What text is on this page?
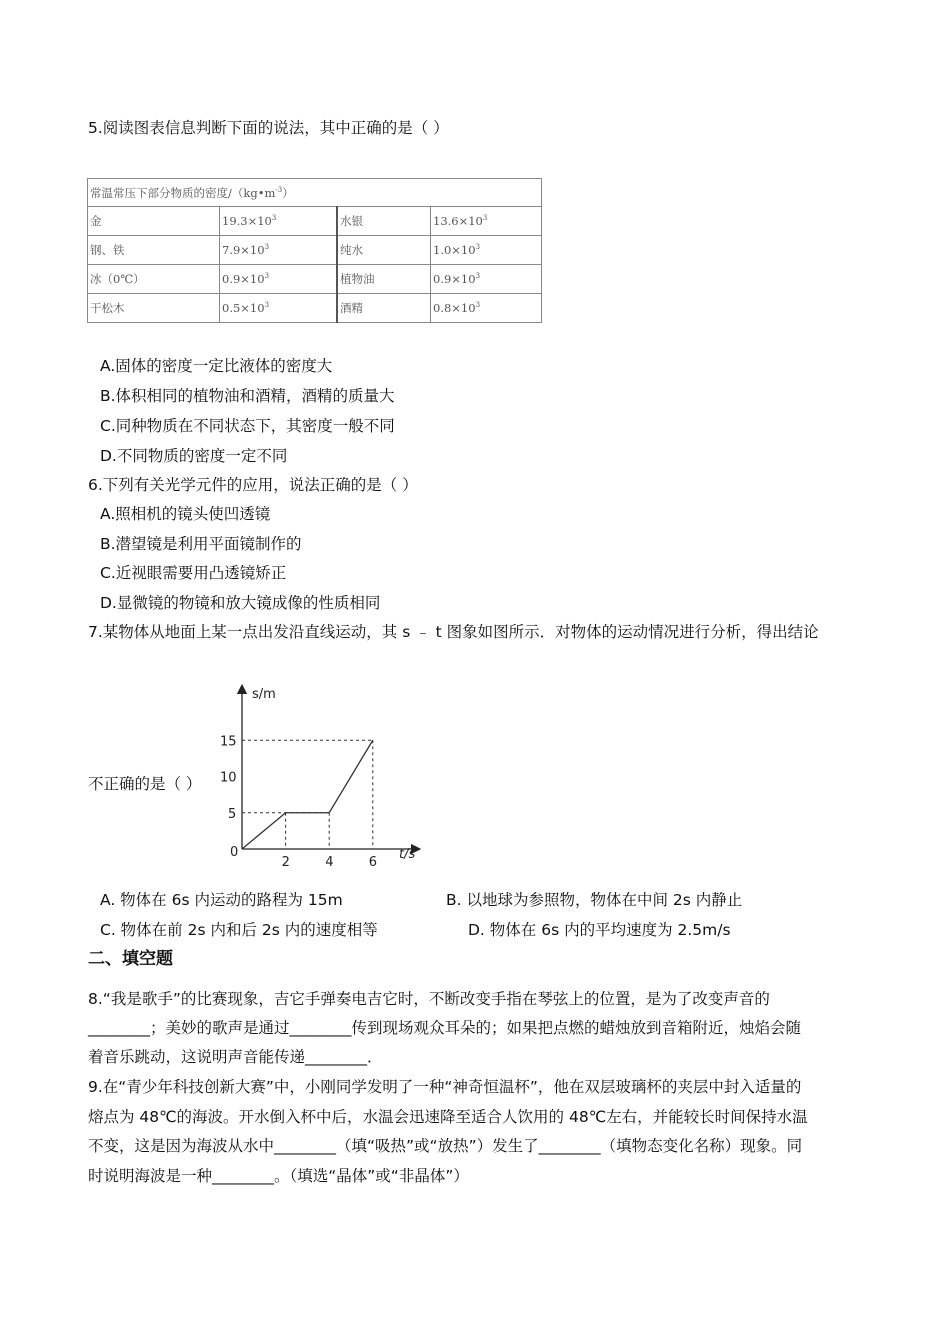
5.阅读图表信息判断下面的说法，其中正确的是（ ）
常温常压下部分物质的密度$/(kg•m^{-3})$			
金	$19.3\times 10^3$	水银	$13.6\times 10^3$
钢、铁	$7.9\times 10^3$	纯水	$1.0\times 10^3$
冰（0℃）	$0.9\times 10^3$	植物油	$0.9\times 10^3$
干松木	$0.5\times 10^3$	酒精	$0.8\times 10^3$
A.固体的密度一定比液体的密度大
B.体积相同的植物油和酒精，酒精的质量大
C.同种物质在不同状态下，其密度一般不同
D.不同物质的密度一定不同
6.下列有关光学元件的应用，说法正确的是（ ）
A.照相机的镜头使凹透镜
B.潜望镜是利用平面镜制作的
C.近视眼需要用凸透镜矫正
D.显微镜的物镜和放大镜成像的性质相同
7.某物体从地面上某一点出发沿直线运动，其 s ﹣ t 图象如图所示．对物体的运动情况进行分析，得出结论
不正确的是（ ）
5
10
15
2	4	6
s/m
t/s
0
A. 物体在 6s 内运动的路程为 15m	B. 以地球为参照物，物体在中间 2s 内静止
C. 物体在前 2s 内和后 2s 内的速度相等	D. 物体在 6s 内的平均速度为 2.5m/s
二、填空题
8.“我是歌手”的比赛现象，吉它手弹奏电吉它时，不断改变手指在琴弦上的位置，是为了改变声音的
________；美妙的歌声是通过________传到现场观众耳朵的；如果把点燃的蜡烛放到音箱附近，烛焰会随
着音乐跳动，这说明声音能传递________．
9.在“青少年科技创新大赛”中，小刚同学发明了一种“神奇恒温杯”，他在双层玻璃杯的夹层中封入适量的
熔点为 48℃的海波。开水倒入杯中后，水温会迅速降至适合人饮用的 48℃左右，并能较长时间保持水温
不变，这是因为海波从水中________（填“吸热”或“放热”）发生了________（填物态变化名称）现象。同
时说明海波是一种________。（填选“晶体”或“非晶体”）
